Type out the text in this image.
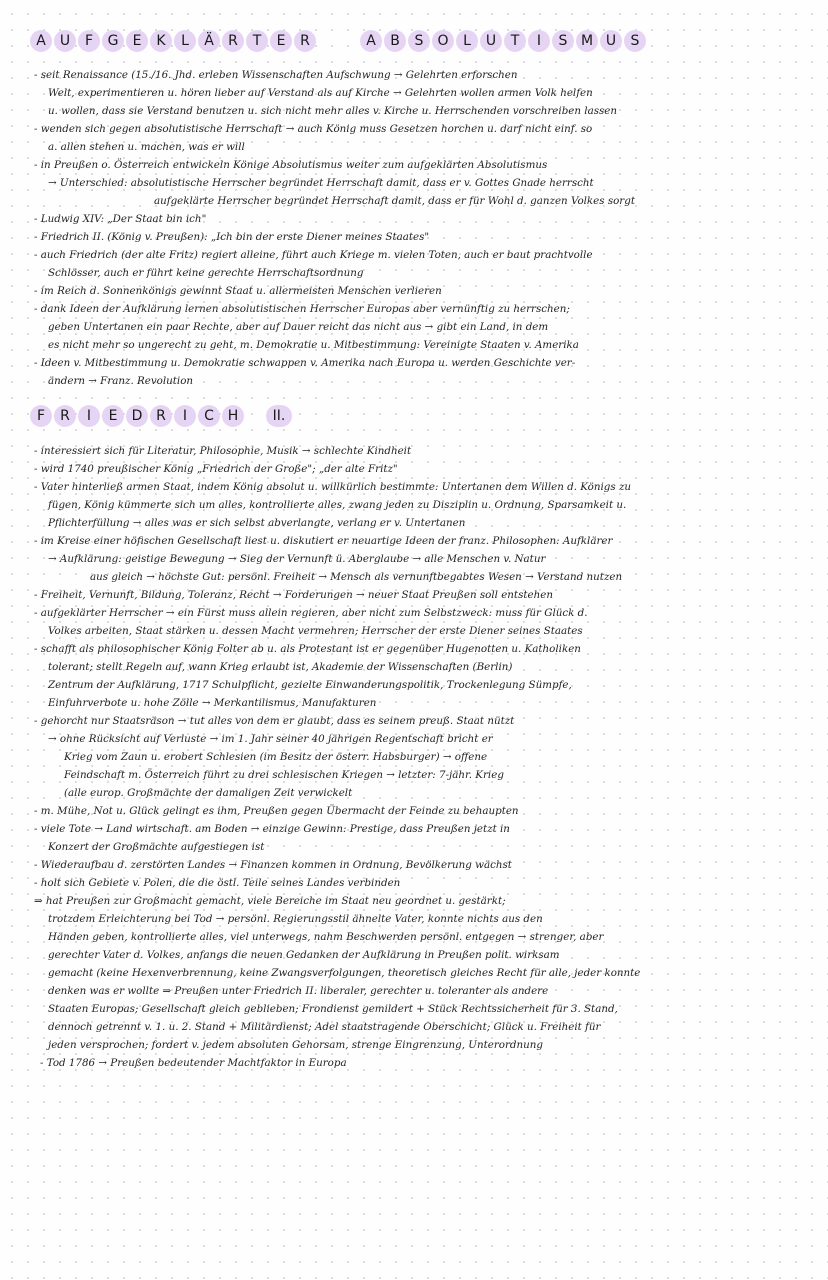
A	U	F	G	E	K	L	Ä	R	T	E	R	A	B	S	O	L	U	T	I	S M U	S
- seit Renaissance (15./16. Jhd. erleben Wissenschaften Aufschwung → Gelehrten erforschen
Welt, experimentieren u. hören lieber auf Verstand als auf Kirche → Gelehrten wollen armen Volk helfen
u. wollen, dass sie Verstand benutzen u. sich nicht mehr alles v. Kirche u. Herrschenden vorschreiben lassen
- wenden sich gegen absolutistische Herrschaft → auch König muss Gesetzen horchen u. darf nicht einf. so
a. allen stehen u. machen, was er will
- in Preußen o. Österreich entwickeln Könige Absolutismus weiter zum aufgeklärten Absolutismus
→ Unterschied: absolutistische Herrscher begründet Herrschaft damit, dass er v. Gottes Gnade herrscht
aufgeklärte Herrscher begründet Herrschaft damit, dass er für Wohl d. ganzen Volkes sorgt
- Ludwig XIV: „Der Staat bin ich"
- Friedrich II. (König v. Preußen): „Ich bin der erste Diener meines Staates"
- auch Friedrich (der alte Fritz) regiert alleine, führt auch Kriege m. vielen Toten, auch er baut prachtvolle
Schlösser, auch er führt keine gerechte Herrschaftsordnung
- im Reich d. Sonnenkönigs gewinnt Staat u. allermeisten Menschen verlieren
- dank Ideen der Aufklärung lernen absolutistischen Herrscher Europas aber vernünftig zu herrschen;
geben Untertanen ein paar Rechte, aber auf Dauer reicht das nicht aus → gibt ein Land, in dem
es nicht mehr so ungerecht zu geht, m. Demokratie u. Mitbestimmung: Vereinigte Staaten v. Amerika
- Ideen v. Mitbestimmung u. Demokratie schwappen v. Amerika nach Europa u. werden Geschichte ver-
ändern → Franz. Revolution
F	R	I	E	D R	I	C H	II.
- interessiert sich für Literatur, Philosophie, Musik → schlechte Kindheit
- wird 1740 preußischer König „Friedrich der Große"; „der alte Fritz"
- Vater hinterließ armen Staat, indem König absolut u. willkürlich bestimmte: Untertanen dem Willen d. Königs zu
fügen, König kümmerte sich um alles, kontrollierte alles, zwang jeden zu Disziplin u. Ordnung, Sparsamkeit u.
Pflichterfüllung → alles was er sich selbst abverlangte, verlang er v. Untertanen
- im Kreise einer höfischen Gesellschaft liest u. diskutiert er neuartige Ideen der franz. Philosophen: Aufklärer
→ Aufklärung: geistige Bewegung → Sieg der Vernunft ü. Aberglaube → alle Menschen v. Natur
aus gleich → höchste Gut: persönl. Freiheit → Mensch als vernunftbegabtes Wesen → Verstand nutzen
- Freiheit, Vernunft, Bildung, Toleranz, Recht → Forderungen → neuer Staat Preußen soll entstehen
- aufgeklärter Herrscher → ein Fürst muss allein regieren, aber nicht zum Selbstzweck: muss für Glück d.
Volkes arbeiten, Staat stärken u. dessen Macht vermehren; Herrscher der erste Diener seines Staates
- schafft als philosophischer König Folter ab u. als Protestant ist er gegenüber Hugenotten u. Katholiken
tolerant; stellt Regeln auf, wann Krieg erlaubt ist, Akademie der Wissenschaften (Berlin)
Zentrum der Aufklärung, 1717 Schulpflicht, gezielte Einwanderungspolitik, Trockenlegung Sümpfe,
Einfuhrverbote u. hohe Zölle → Merkantilismus, Manufakturen
- gehorcht nur Staatsräson → tut alles von dem er glaubt, dass es seinem preuß. Staat nützt
→ ohne Rücksicht auf Verluste → im 1. Jahr seiner 40 jährigen Regentschaft bricht er
Krieg vom Zaun u. erobert Schlesien (im Besitz der österr. Habsburger) → offene
Feindschaft m. Österreich führt zu drei schlesischen Kriegen → letzter: 7-jähr. Krieg
(alle europ. Großmächte der damaligen Zeit verwickelt
- m. Mühe, Not u. Glück gelingt es ihm, Preußen gegen Übermacht der Feinde zu behaupten
- viele Tote → Land wirtschaft. am Boden → einzige Gewinn: Prestige, dass Preußen jetzt in
Konzert der Großmächte aufgestiegen ist
- Wiederaufbau d. zerstörten Landes → Finanzen kommen in Ordnung, Bevölkerung wächst
- holt sich Gebiete v. Polen, die die östl. Teile seines Landes verbinden
⇒ hat Preußen zur Großmacht gemacht, viele Bereiche im Staat neu geordnet u. gestärkt;
trotzdem Erleichterung bei Tod → persönl. Regierungsstil ähnelte Vater, konnte nichts aus den
Händen geben, kontrollierte alles, viel unterwegs, nahm Beschwerden persönl. entgegen → strenger, aber
gerechter Vater d. Volkes, anfangs die neuen Gedanken der Aufklärung in Preußen polit. wirksam
gemacht (keine Hexenverbrennung, keine Zwangsverfolgungen, theoretisch gleiches Recht für alle, jeder konnte
denken was er wollte ⇒ Preußen unter Friedrich II. liberaler, gerechter u. toleranter als andere
Staaten Europas; Gesellschaft gleich geblieben; Frondienst gemildert + Stück Rechtssicherheit für 3. Stand,
dennoch getrennt v. 1. u. 2. Stand + Militärdienst; Adel staatstragende Oberschicht; Glück u. Freiheit für
jeden versprochen; fordert v. jedem absoluten Gehorsam, strenge Eingrenzung, Unterordnung
- Tod 1786 → Preußen bedeutender Machtfaktor in Europa
